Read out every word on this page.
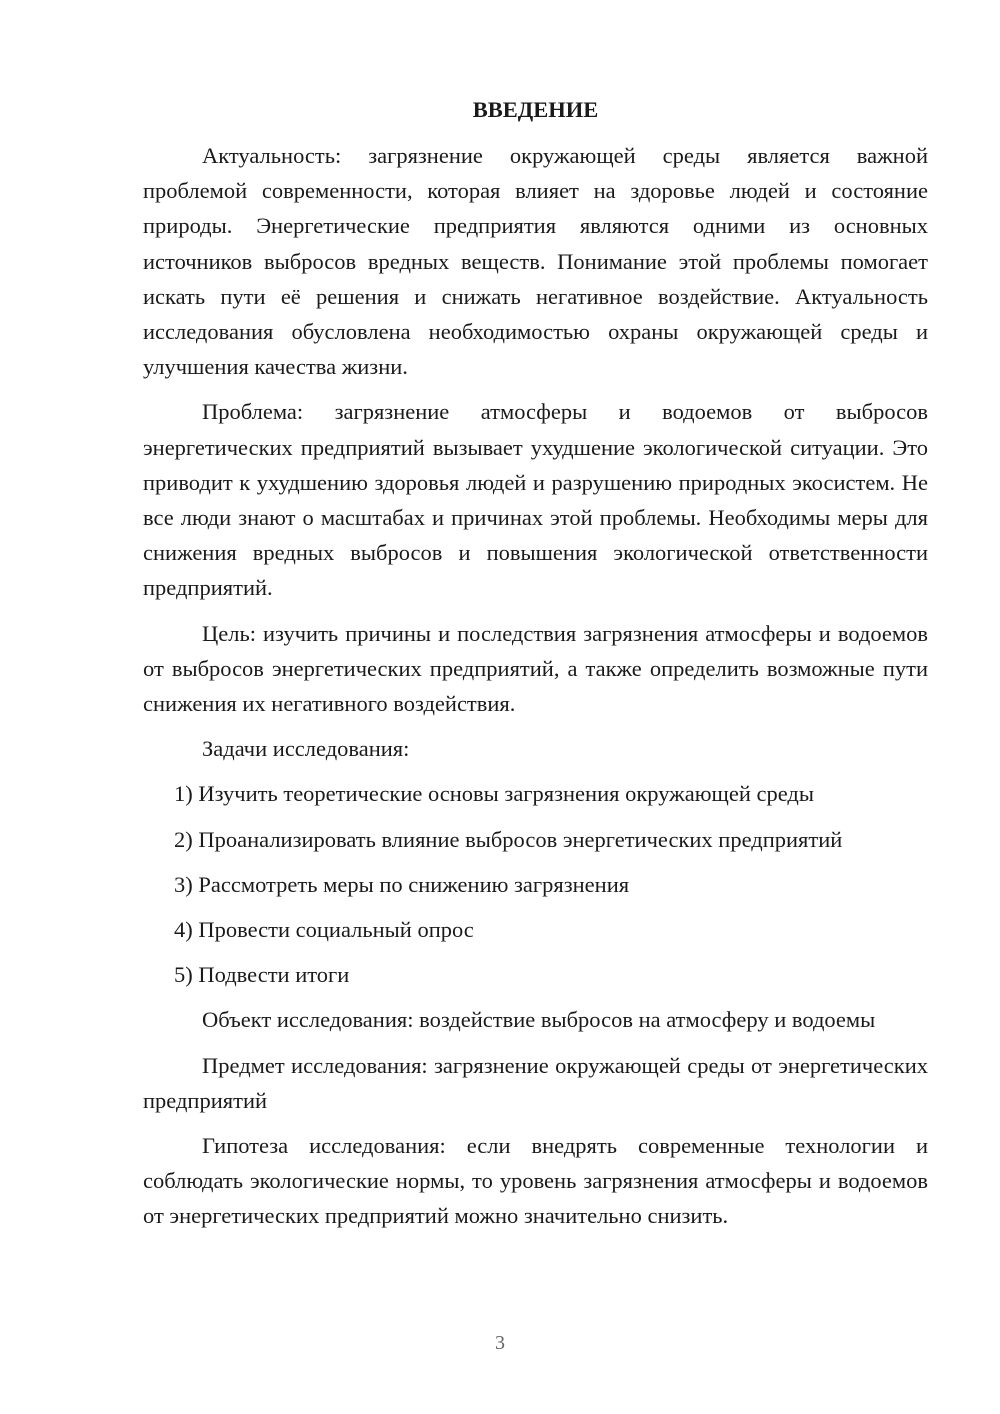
ВВЕДЕНИЕ

Актуальность: загрязнение окружающей среды является важной проблемой современности, которая влияет на здоровье людей и состояние природы. Энергетические предприятия являются одними из основных источников выбросов вредных веществ. Понимание этой проблемы помогает искать пути её решения и снижать негативное воздействие. Актуальность исследования обусловлена необходимостью охраны окружающей среды и улучшения качества жизни.

Проблема: загрязнение атмосферы и водоемов от выбросов энергетических предприятий вызывает ухудшение экологической ситуации. Это приводит к ухудшению здоровья людей и разрушению природных экосистем. Не все люди знают о масштабах и причинах этой проблемы. Необходимы меры для снижения вредных выбросов и повышения экологической ответственности предприятий.

Цель: изучить причины и последствия загрязнения атмосферы и водоемов от выбросов энергетических предприятий, а также определить возможные пути снижения их негативного воздействия.

Задачи исследования:

1) Изучить теоретические основы загрязнения окружающей среды
2) Проанализировать влияние выбросов энергетических предприятий
3) Рассмотреть меры по снижению загрязнения
4) Провести социальный опрос
5) Подвести итоги

Объект исследования: воздействие выбросов на атмосферу и водоемы

Предмет исследования: загрязнение окружающей среды от энергетических предприятий

Гипотеза исследования: если внедрять современные технологии и соблюдать экологические нормы, то уровень загрязнения атмосферы и водоемов от энергетических предприятий можно значительно снизить.

3
